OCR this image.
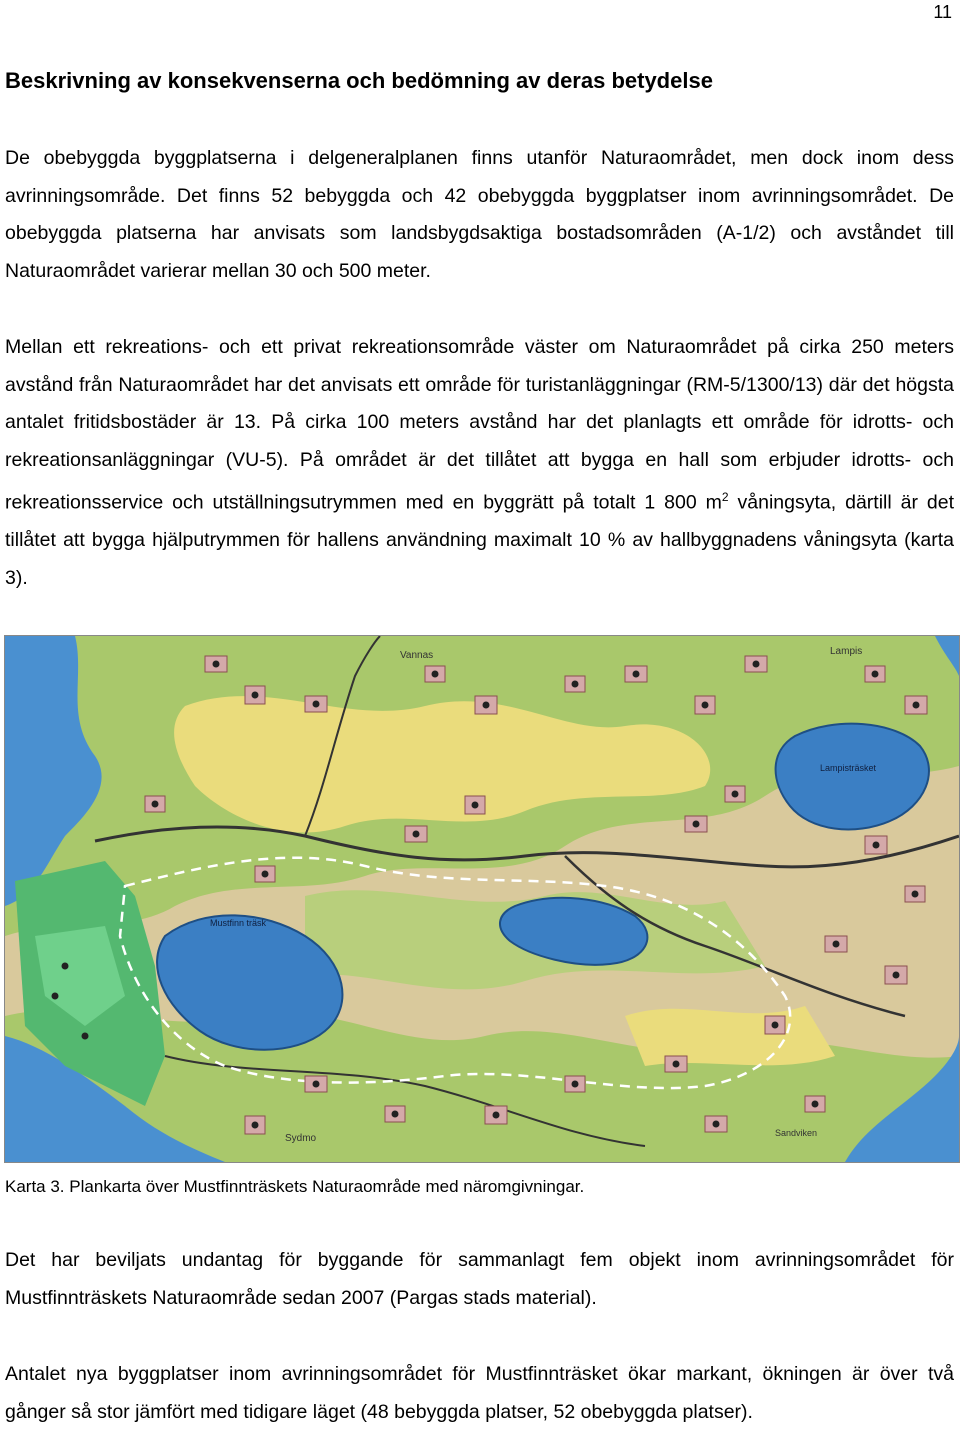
11
Beskrivning av konsekvenserna och bedömning av deras betydelse

De obebyggda byggplatserna i delgeneralplanen finns utanför Naturaområdet, men dock inom dess avrinningsområde. Det finns 52 bebyggda och 42 obebyggda byggplatser inom avrinningsområdet. De obebyggda platserna har anvisats som landsbygdsaktiga bostadsområden (A-1/2) och avståndet till Naturaområdet varierar mellan 30 och 500 meter.

Mellan ett rekreations- och ett privat rekreationsområde väster om Naturaområdet på cirka 250 meters avstånd från Naturaområdet har det anvisats ett område för turistanläggningar (RM-5/1300/13) där det högsta antalet fritidsbostäder är 13. På cirka 100 meters avstånd har det planlagts ett område för idrotts- och rekreationsanläggningar (VU-5). På området är det tillåtet att bygga en hall som erbjuder idrotts- och rekreationsservice och utställningsutrymmen med en byggrätt på totalt 1 800 $m^2$ våningsyta, därtill är det tillåtet att bygga hjälputrymmen för hallens användning maximalt 10 % av hallbyggnadens våningsyta (karta 3).

Vannas	Lampis
Mustfinn träsk
Lampisträsket
Sydmo	Sandviken
Karta 3. Plankarta över Mustfinnträskets Naturaområde med näromgivningar.

Det har beviljats undantag för byggande för sammanlagt fem objekt inom avrinningsområdet för Mustfinnträskets Naturaområde sedan 2007 (Pargas stads material).

Antalet nya byggplatser inom avrinningsområdet för Mustfinnträsket ökar markant, ökningen är över två gånger så stor jämfört med tidigare läget (48 bebyggda platser, 52 obebyggda platser).
